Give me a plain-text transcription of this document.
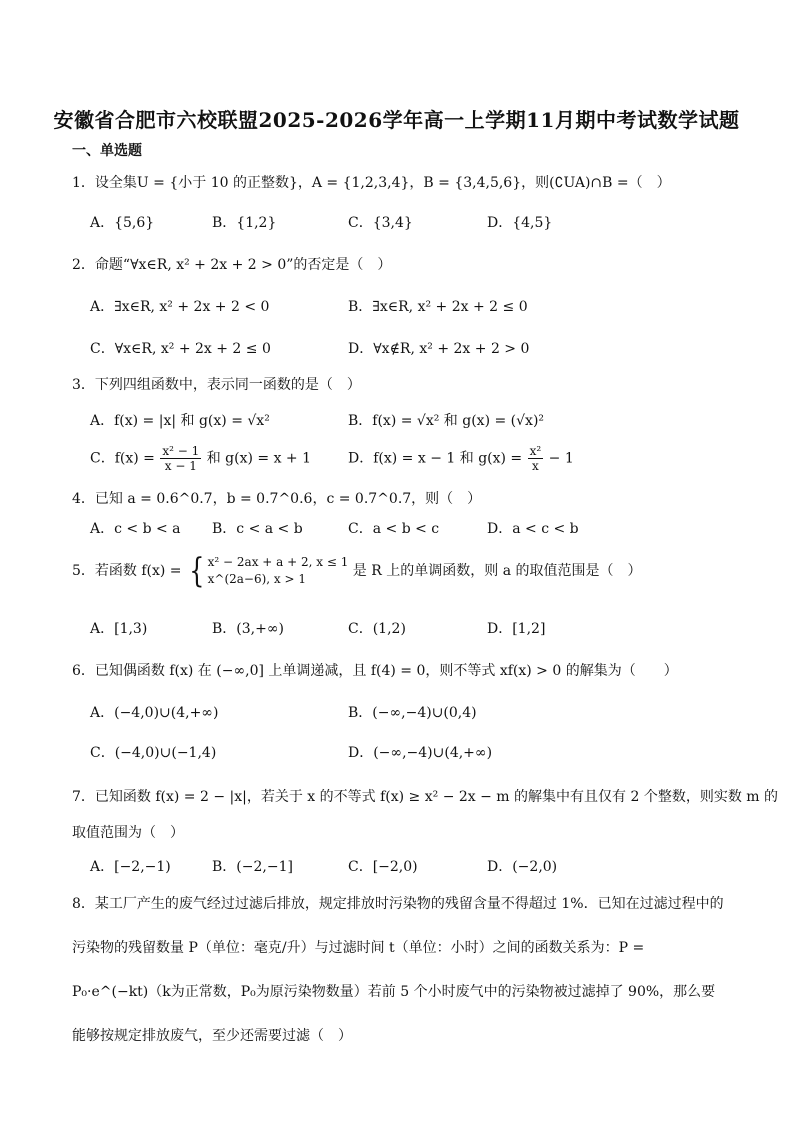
安徽省合肥市六校联盟2025-2026学年高一上学期11月期中考试数学试题
一、单选题
1．设全集U = {小于 10 的正整数}，A = {1,2,3,4}，B = {3,4,5,6}，则(∁UA)∩B =（　）
A．{5,6}	B．{1,2}	C．{3,4}	D．{4,5}
2．命题“∀x∈R, x² + 2x + 2 > 0”的否定是（　）
A．∃x∈R, x² + 2x + 2 < 0	B．∃x∈R, x² + 2x + 2 ≤ 0
C．∀x∈R, x² + 2x + 2 ≤ 0	D．∀x∉R, x² + 2x + 2 > 0
3．下列四组函数中，表示同一函数的是（　）
A．f(x) = |x| 和 g(x) = √x²	B．f(x) = √x² 和 g(x) = (√x)²
C．$f(x) = \frac{\text{x² − 1}}{x - 1}$ 和 g(x) = x + 1	D．f(x) = x − 1 和 $g(x) = \frac{\text{x²}}{x} - 1$
4．已知 a = 0.6^0.7，b = 0.7^0.6，c = 0.7^0.7，则（　）
A．c < b < a B．c < a < b	C．a < b < c	D．a < c < b
5．若函数 f(x) = { x² − 2ax + a + 2, x ≤ 1
x^(2a−6), x > 1	是 R 上的单调函数，则 a 的取值范围是（　）
A．[1,3)	B．(3,+∞)	C．(1,2)	D．[1,2]
6．已知偶函数 f(x) 在 (−∞,0] 上单调递减，且 f(4) = 0，则不等式 xf(x) > 0 的解集为（　　）
A．(−4,0)∪(4,+∞)	B．(−∞,−4)∪(0,4)
C．(−4,0)∪(−1,4)	D．(−∞,−4)∪(4,+∞)
7．已知函数 f(x) = 2 − |x|，若关于 x 的不等式 f(x) ≥ x² − 2x − m 的解集中有且仅有 2 个整数，则实数 m 的
取值范围为（　）
A．[−2,−1)	B．(−2,−1]	C．[−2,0)	D．(−2,0)
8．某工厂产生的废气经过过滤后排放，规定排放时污染物的残留含量不得超过 1%．已知在过滤过程中的污染物的残留数量 P（单位：毫克/升）与过滤时间 t（单位：小时）之间的函数关系为：P = P₀·e^(−kt)（k为正常数，P₀为原污染物数量）若前 5 个小时废气中的污染物被过滤掉了 90%，那么要能够按规定排放废气，至少还需要过滤（　）
